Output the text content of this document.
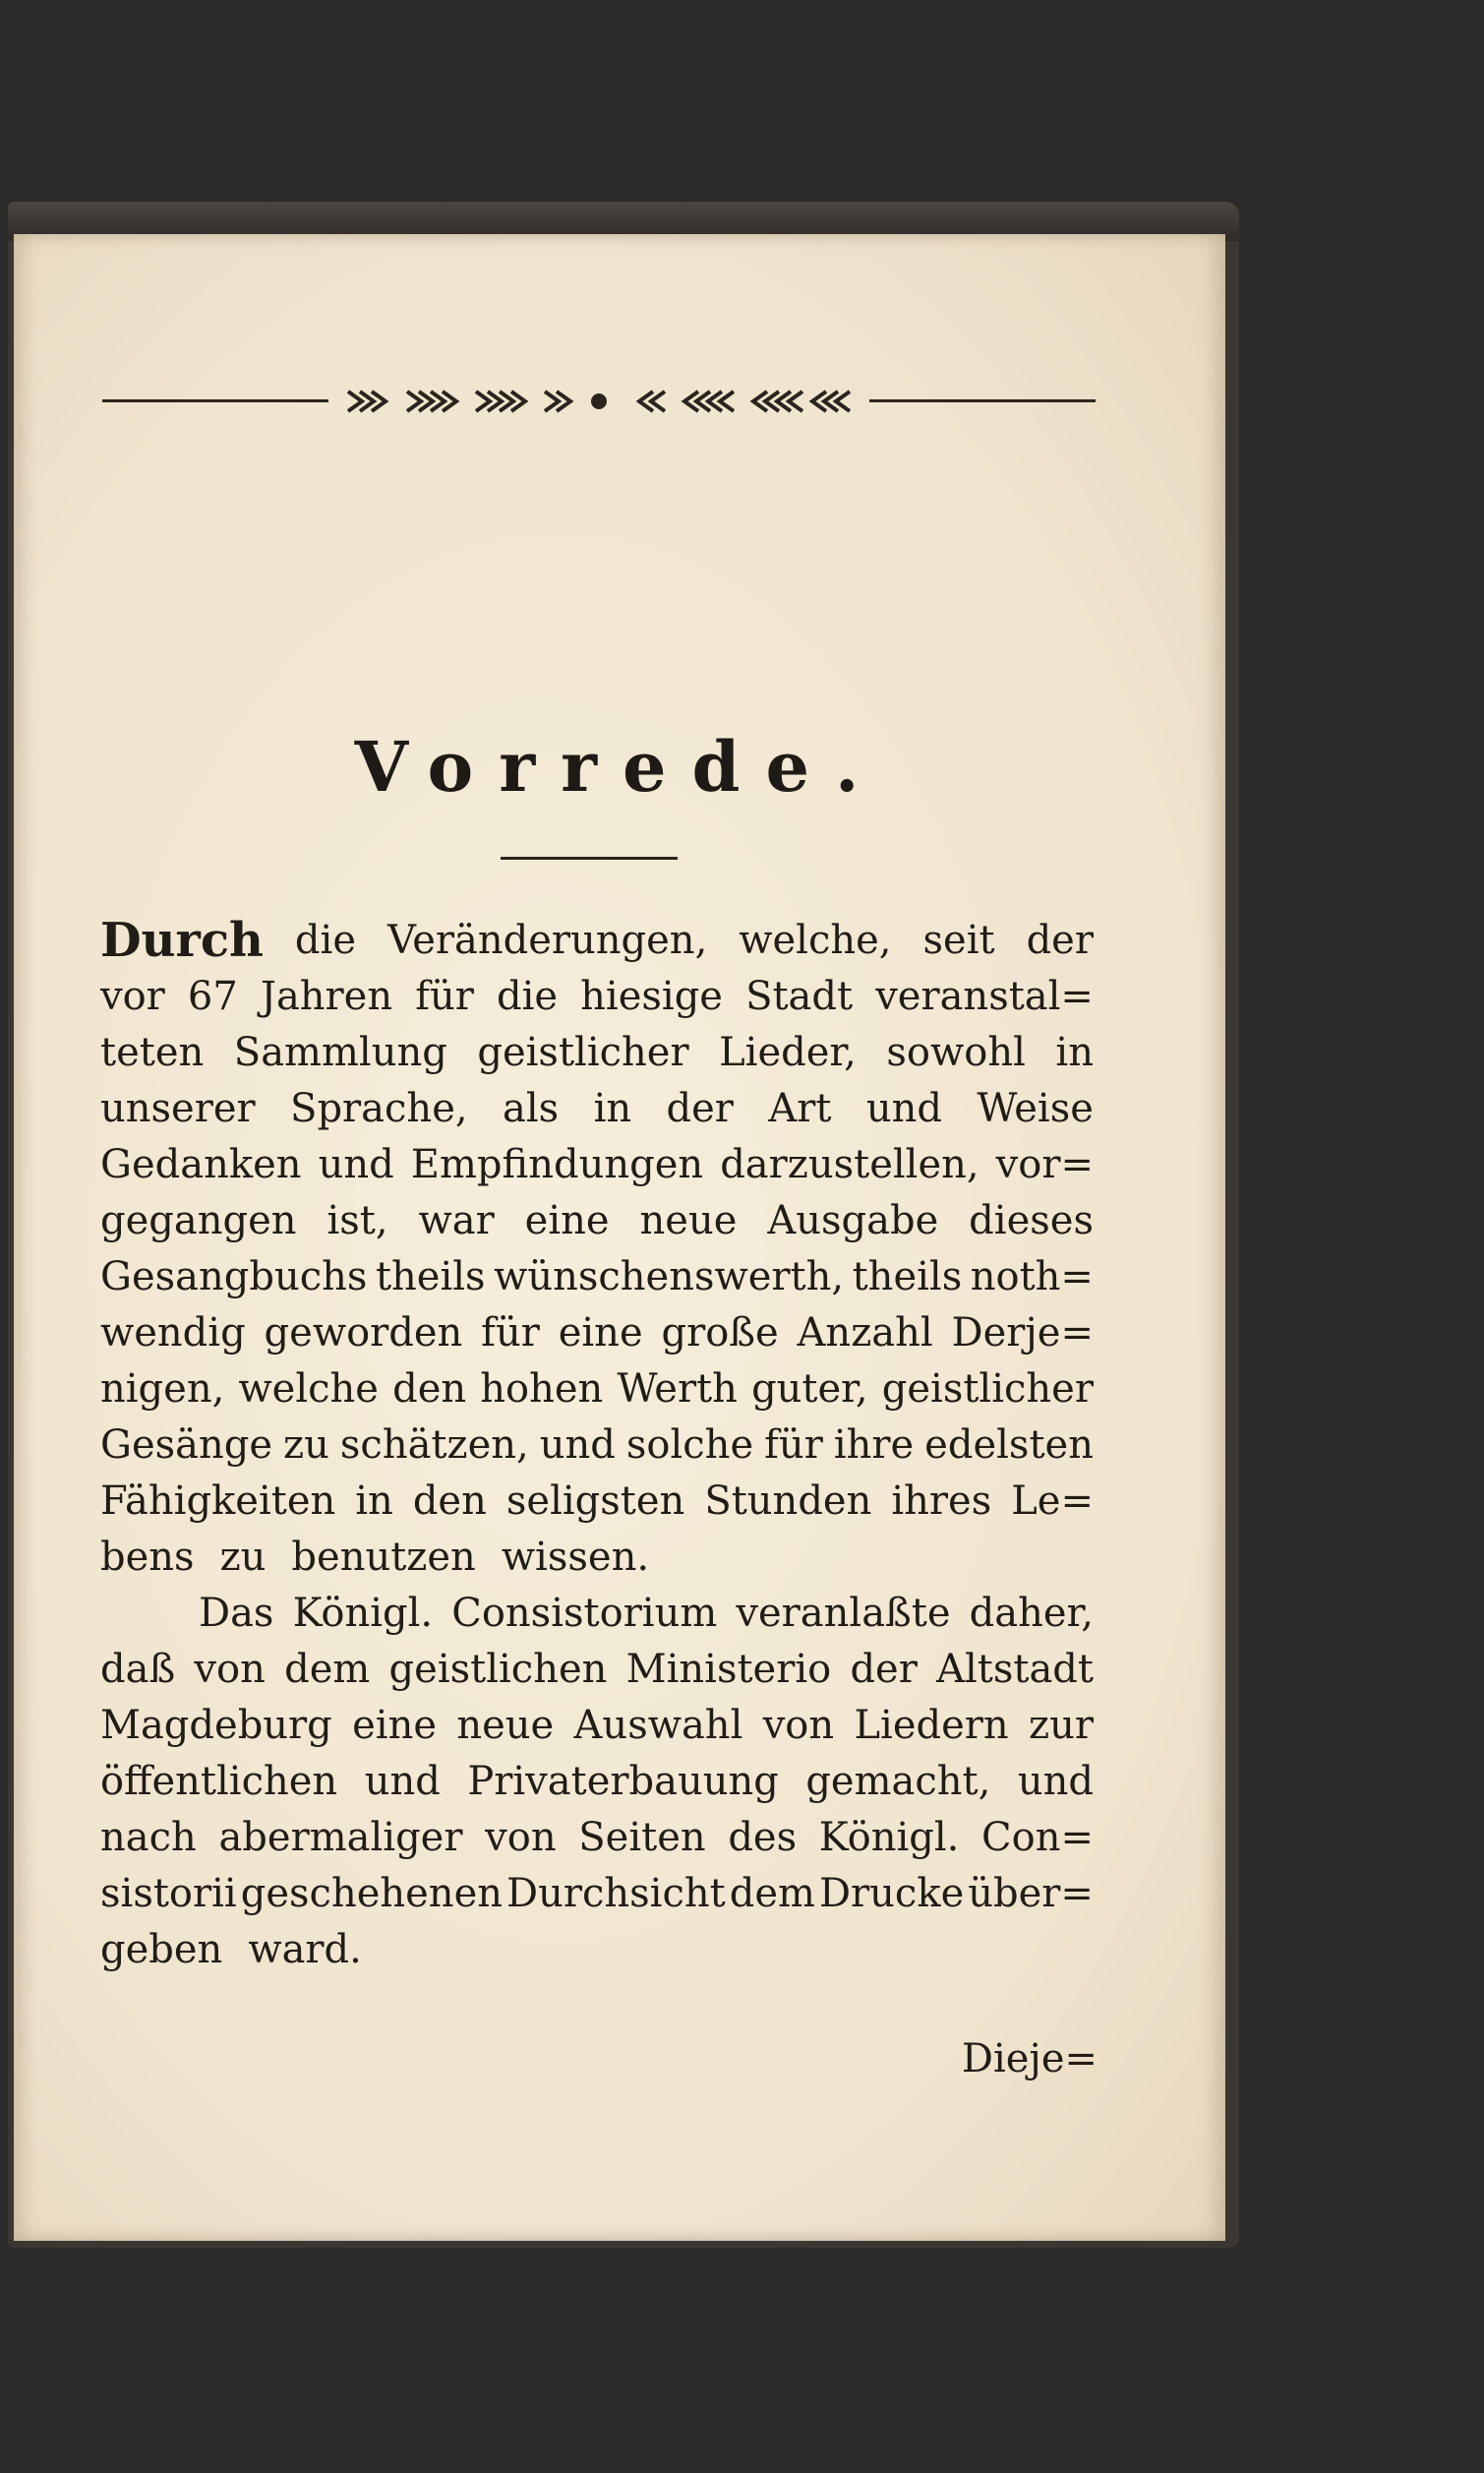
Vorrede.
Durch die Veränderungen, welche, seit der
vor 67 Jahren für die hiesige Stadt veranstal=
teten Sammlung geistlicher Lieder, sowohl in
unserer Sprache, als in der Art und Weise
Gedanken und Empfindungen darzustellen, vor=
gegangen ist, war eine neue Ausgabe dieses
Gesangbuchs theils wünschenswerth, theils noth=
wendig geworden für eine große Anzahl Derje=
nigen, welche den hohen Werth guter, geistlicher
Gesänge zu schätzen, und solche für ihre edelsten
Fähigkeiten in den seligsten Stunden ihres Le=
bens zu benutzen wissen.
Das Königl. Consistorium veranlaßte daher,
daß von dem geistlichen Ministerio der Altstadt
Magdeburg eine neue Auswahl von Liedern zur
öffentlichen und Privaterbauung gemacht, und
nach abermaliger von Seiten des Königl. Con=
sistorii geschehenen Durchsicht dem Drucke über=
geben ward.
Dieje=
